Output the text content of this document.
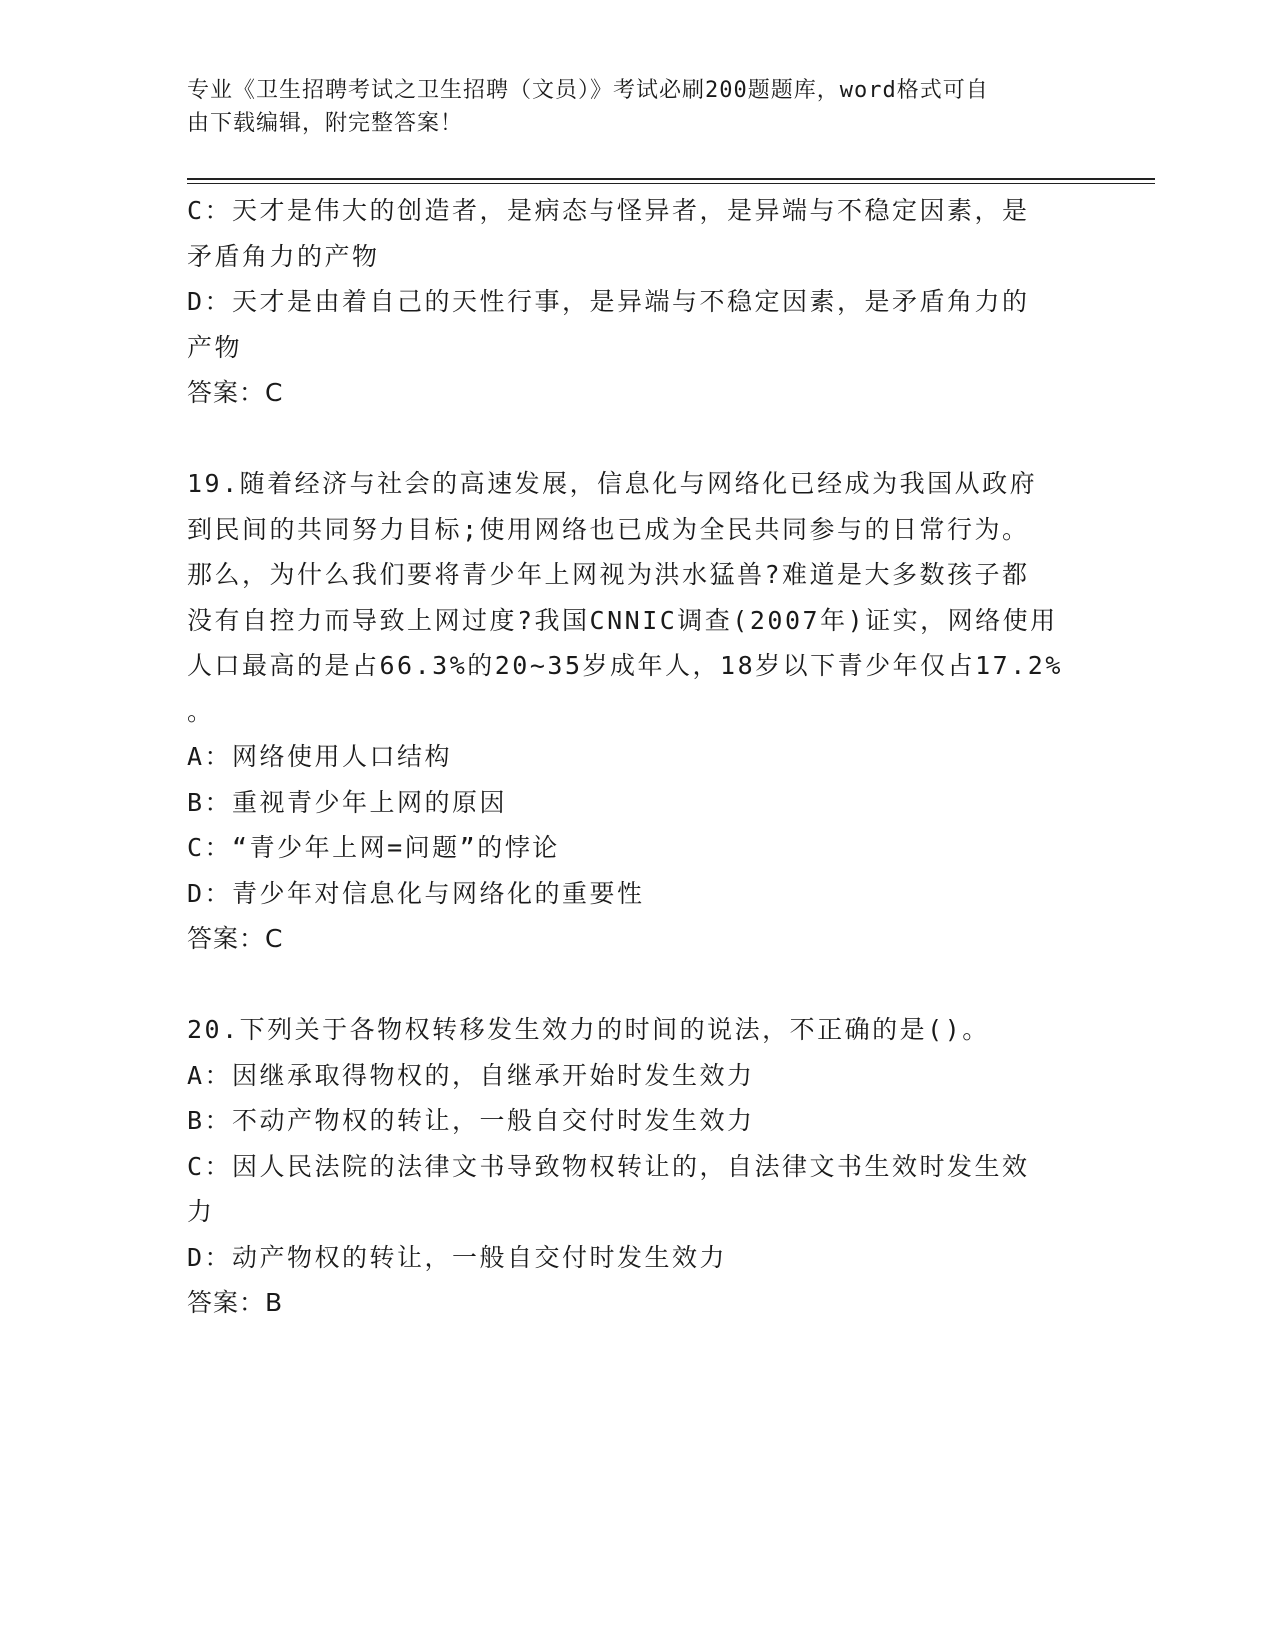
专业《卫生招聘考试之卫生招聘（文员）》考试必刷200题题库，word格式可自
由下载编辑，附完整答案！
C：天才是伟大的创造者，是病态与怪异者，是异端与不稳定因素，是
矛盾角力的产物
D：天才是由着自己的天性行事，是异端与不稳定因素，是矛盾角力的
产物
答案：C
19.随着经济与社会的高速发展，信息化与网络化已经成为我国从政府
到民间的共同努力目标;使用网络也已成为全民共同参与的日常行为。
那么，为什么我们要将青少年上网视为洪水猛兽?难道是大多数孩子都
没有自控力而导致上网过度?我国CNNIC调查(2007年)证实，网络使用
人口最高的是占66.3%的20~35岁成年人，18岁以下青少年仅占17.2%
。
A：网络使用人口结构
B：重视青少年上网的原因
C：“青少年上网=问题”的悖论
D：青少年对信息化与网络化的重要性
答案：C
20.下列关于各物权转移发生效力的时间的说法，不正确的是()。
A：因继承取得物权的，自继承开始时发生效力
B：不动产物权的转让，一般自交付时发生效力
C：因人民法院的法律文书导致物权转让的，自法律文书生效时发生效
力
D：动产物权的转让，一般自交付时发生效力
答案：B
